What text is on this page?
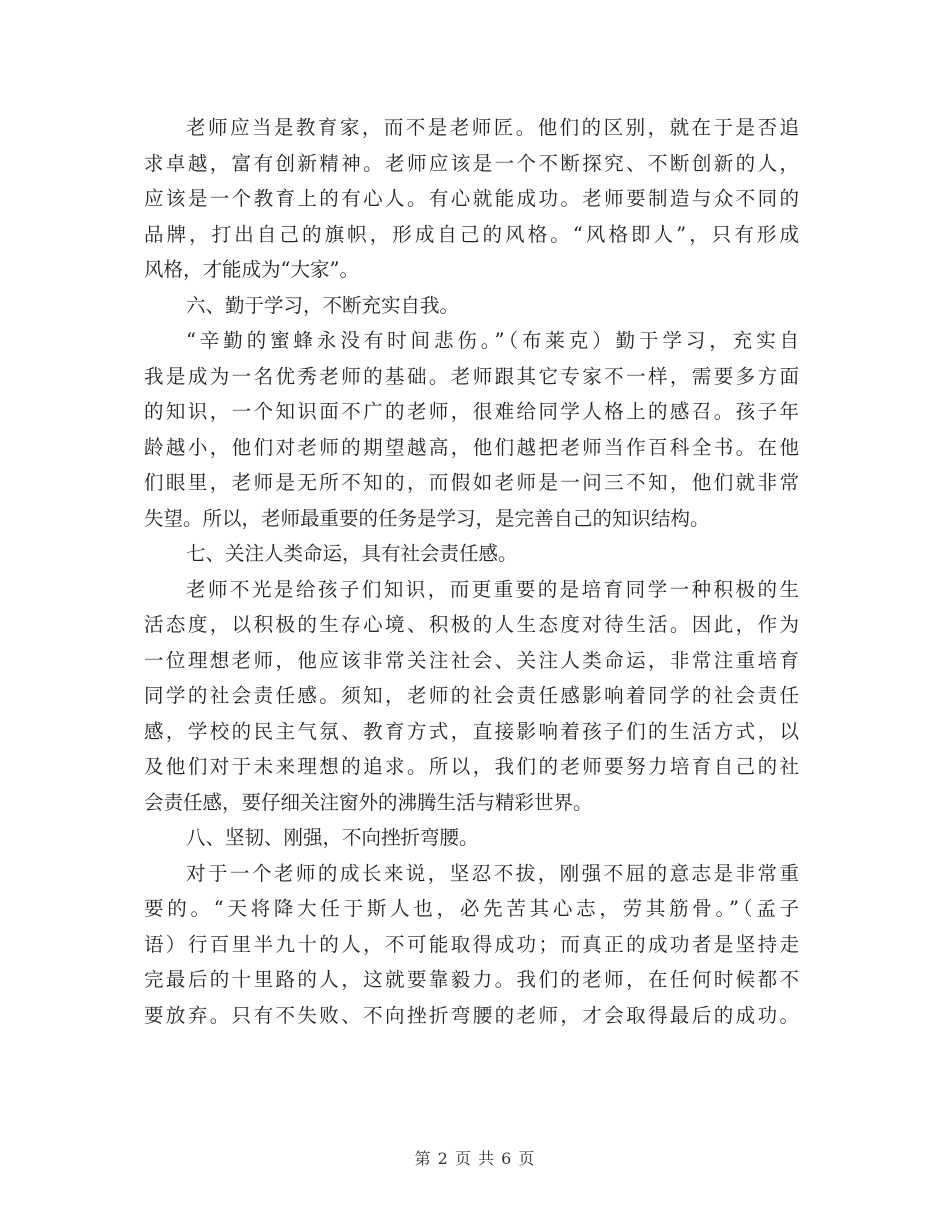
老师应当是教育家，而不是老师匠。他们的区别，就在于是否追
求卓越，富有创新精神。老师应该是一个不断探究、不断创新的人，
应该是一个教育上的有心人。有心就能成功。老师要制造与众不同的
品牌，打出自己的旗帜，形成自己的风格。“风格即人”，只有形成
风格，才能成为“大家”。
六、勤于学习，不断充实自我。
“辛勤的蜜蜂永没有时间悲伤。”（布莱克）勤于学习，充实自
我是成为一名优秀老师的基础。老师跟其它专家不一样，需要多方面
的知识，一个知识面不广的老师，很难给同学人格上的感召。孩子年
龄越小，他们对老师的期望越高，他们越把老师当作百科全书。在他
们眼里，老师是无所不知的，而假如老师是一问三不知，他们就非常
失望。所以，老师最重要的任务是学习，是完善自己的知识结构。
七、关注人类命运，具有社会责任感。
老师不光是给孩子们知识，而更重要的是培育同学一种积极的生
活态度，以积极的生存心境、积极的人生态度对待生活。因此，作为
一位理想老师，他应该非常关注社会、关注人类命运，非常注重培育
同学的社会责任感。须知，老师的社会责任感影响着同学的社会责任
感，学校的民主气氛、教育方式，直接影响着孩子们的生活方式，以
及他们对于未来理想的追求。所以，我们的老师要努力培育自己的社
会责任感，要仔细关注窗外的沸腾生活与精彩世界。
八、坚韧、刚强，不向挫折弯腰。
对于一个老师的成长来说，坚忍不拔，刚强不屈的意志是非常重
要的。“天将降大任于斯人也，必先苦其心志，劳其筋骨。”（孟子
语）行百里半九十的人，不可能取得成功；而真正的成功者是坚持走
完最后的十里路的人，这就要靠毅力。我们的老师，在任何时候都不
要放弃。只有不失败、不向挫折弯腰的老师，才会取得最后的成功。
第 2 页 共 6 页
